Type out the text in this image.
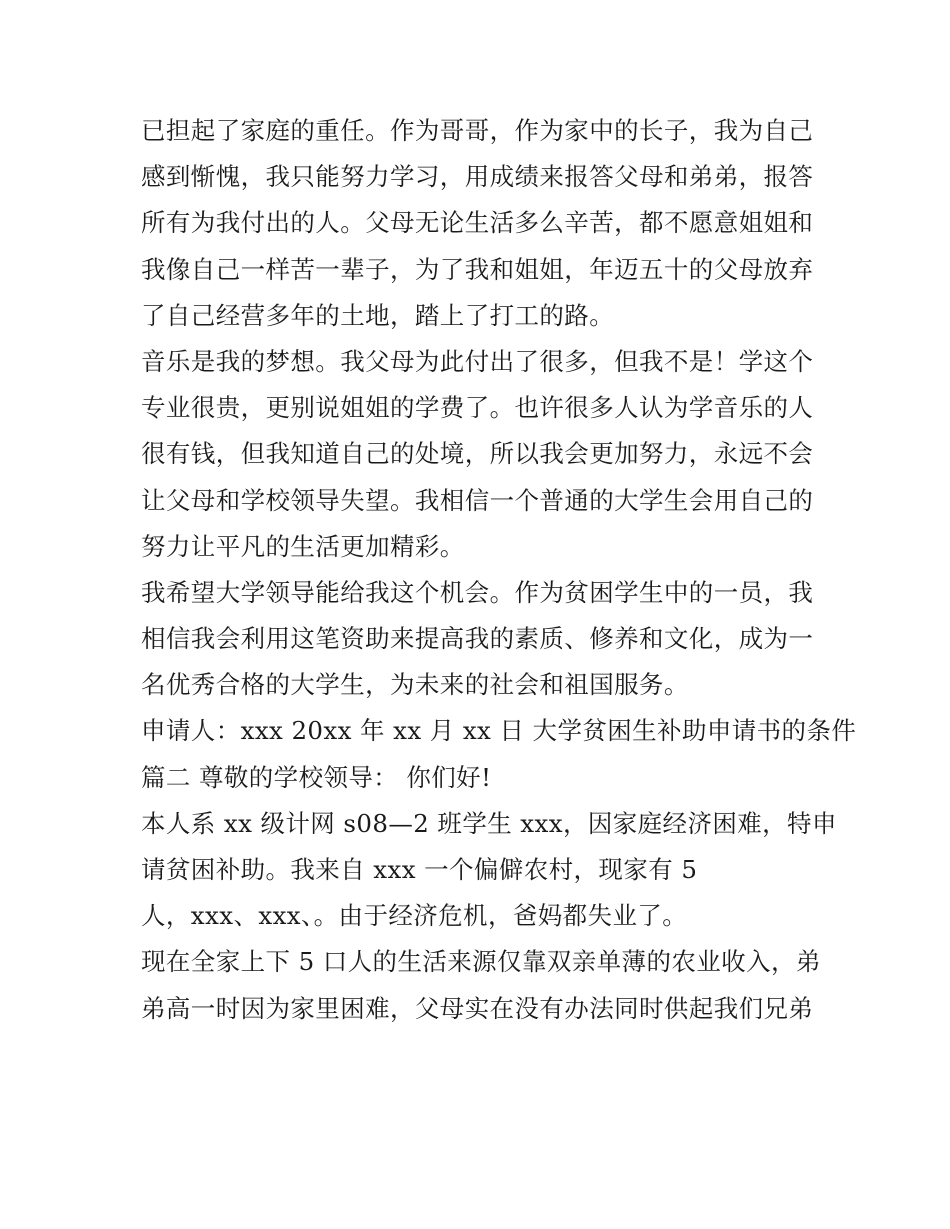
已担起了家庭的重任。作为哥哥，作为家中的长子，我为自己
感到惭愧，我只能努力学习，用成绩来报答父母和弟弟，报答
所有为我付出的人。父母无论生活多么辛苦，都不愿意姐姐和
我像自己一样苦一辈子，为了我和姐姐，年迈五十的父母放弃
了自己经营多年的土地，踏上了打工的路。
音乐是我的梦想。我父母为此付出了很多，但我不是！学这个
专业很贵，更别说姐姐的学费了。也许很多人认为学音乐的人
很有钱，但我知道自己的处境，所以我会更加努力，永远不会
让父母和学校领导失望。我相信一个普通的大学生会用自己的
努力让平凡的生活更加精彩。
我希望大学领导能给我这个机会。作为贫困学生中的一员，我
相信我会利用这笔资助来提高我的素质、修养和文化，成为一
名优秀合格的大学生，为未来的社会和祖国服务。
申请人：xxx 20xx 年 xx 月 xx 日 大学贫困生补助申请书的条件
篇二 尊敬的学校领导： 你们好!
本人系 xx 级计网 s08—2 班学生 xxx，因家庭经济困难，特申
请贫困补助。我来自 xxx 一个偏僻农村，现家有 5
人，xxx、xxx、。由于经济危机，爸妈都失业了。
现在全家上下 5 口人的生活来源仅靠双亲单薄的农业收入，弟
弟高一时因为家里困难，父母实在没有办法同时供起我们兄弟
